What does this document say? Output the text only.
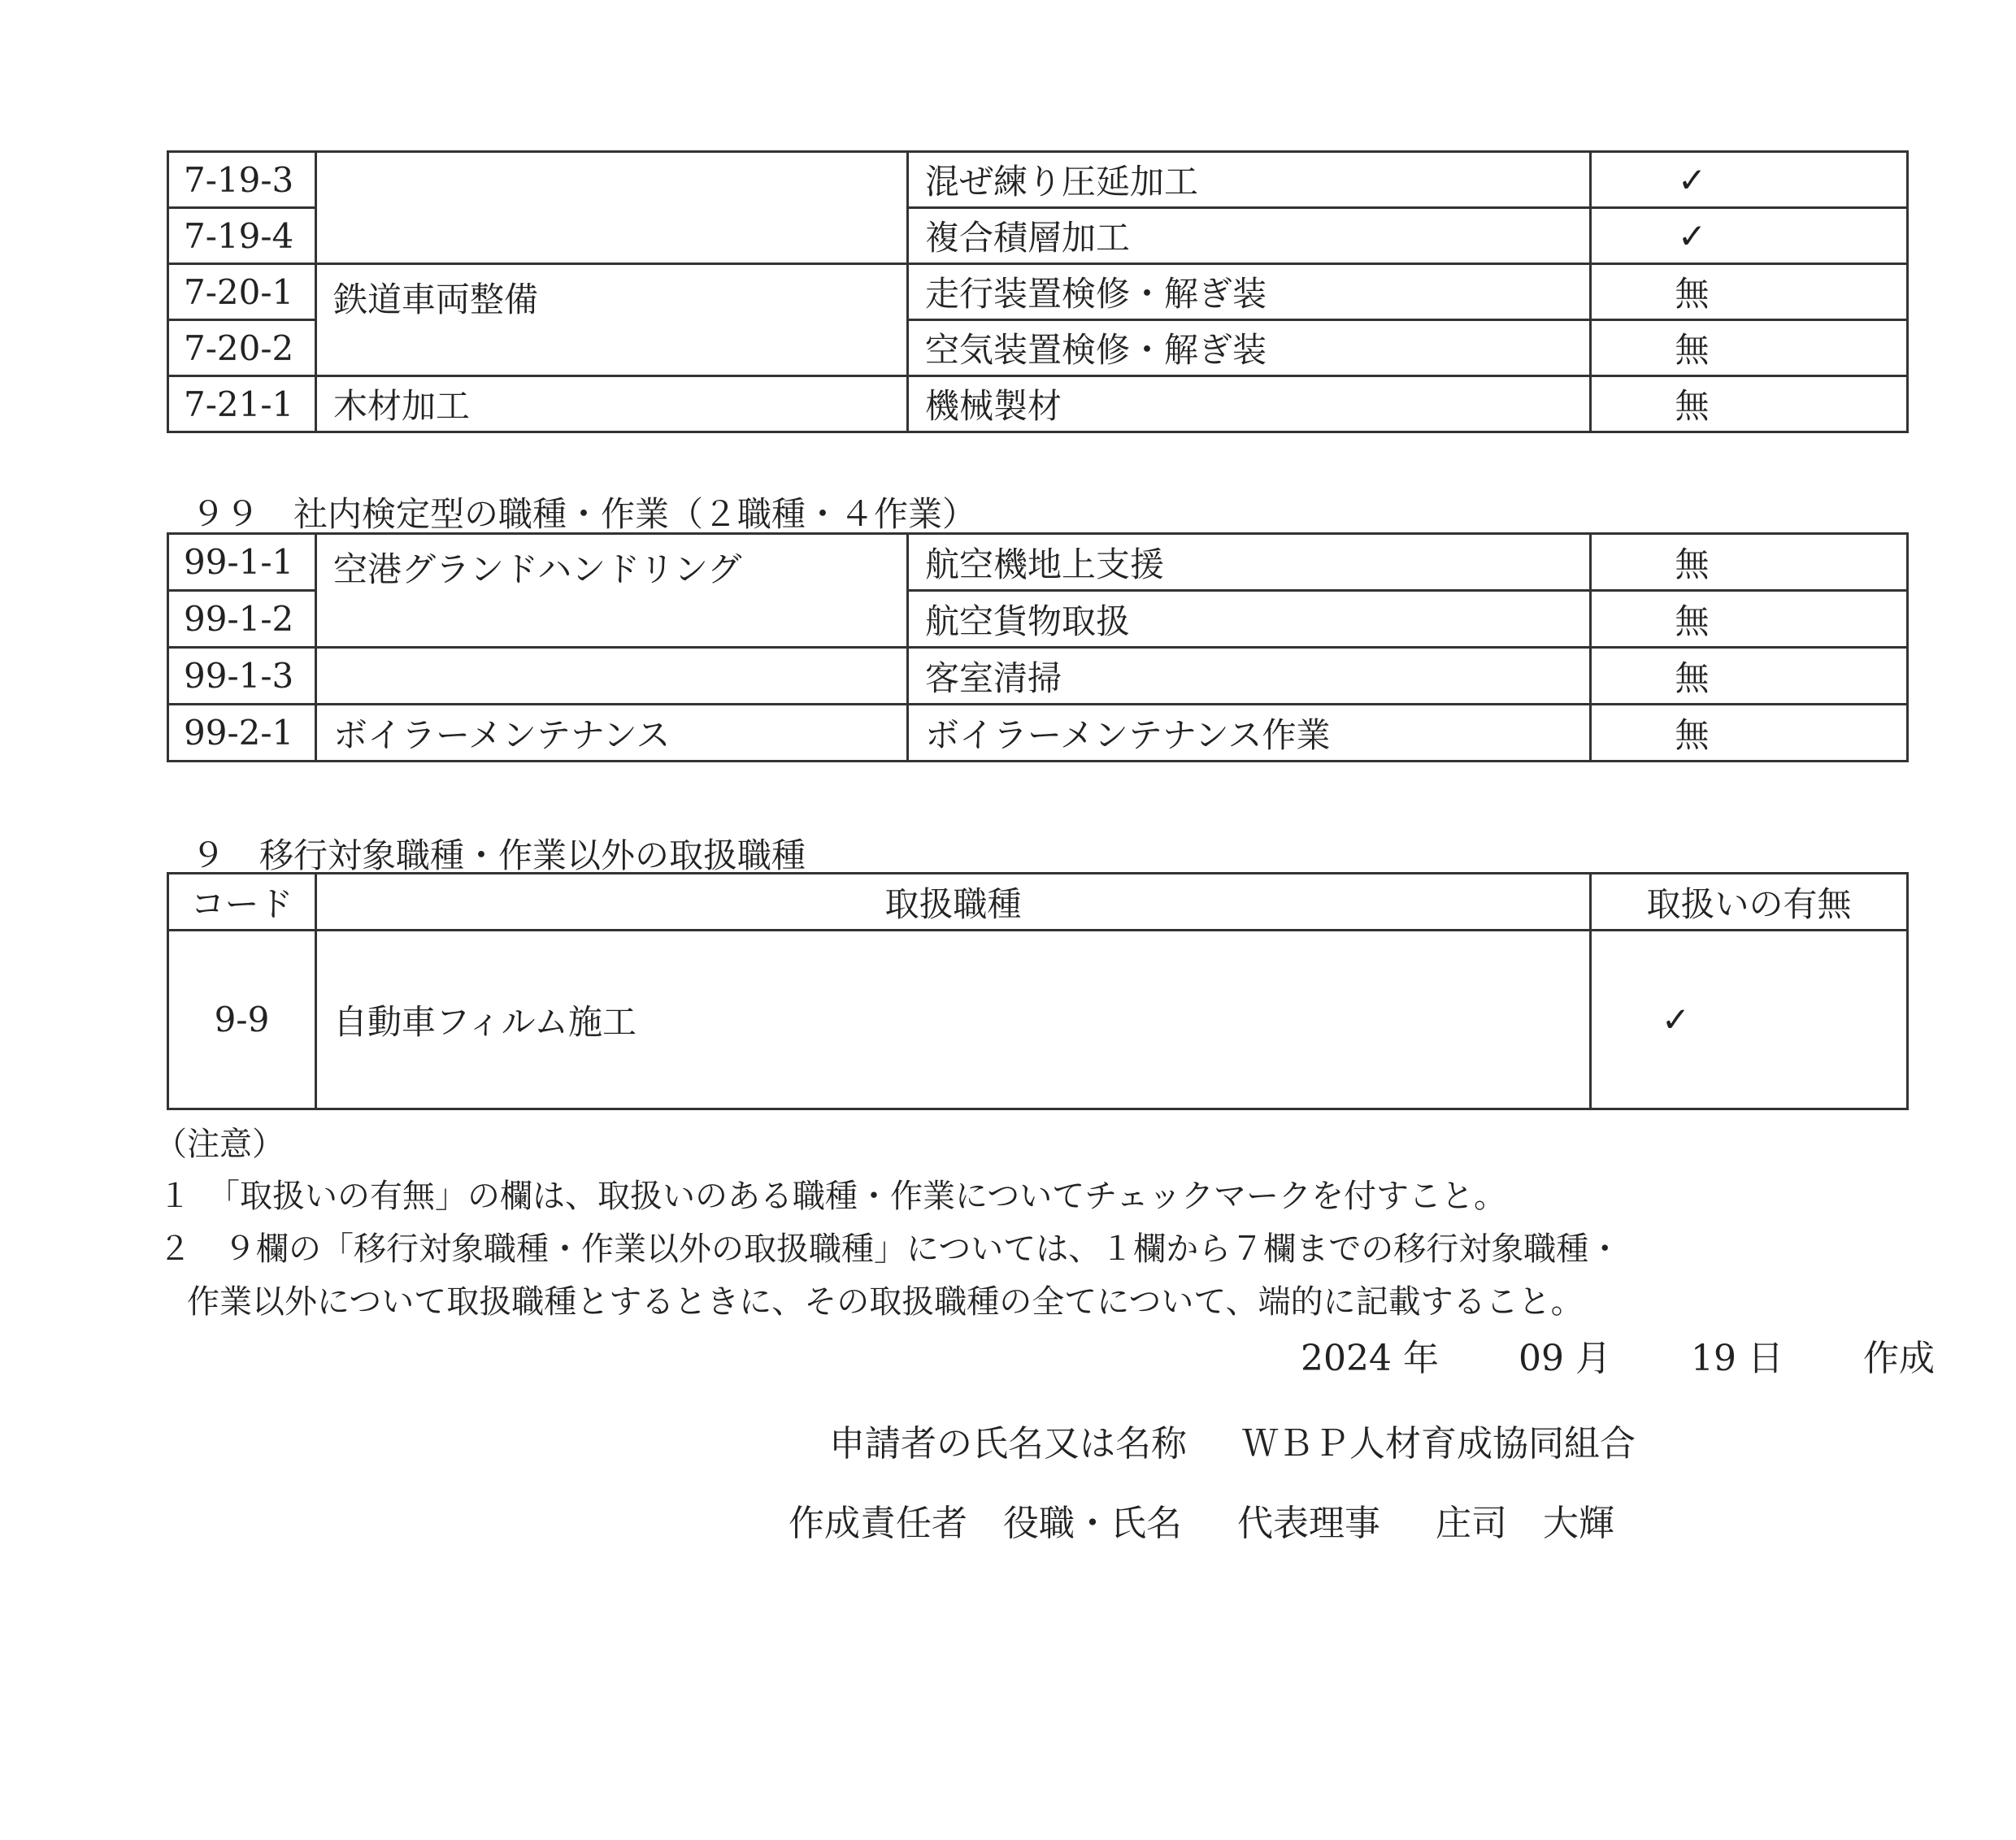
7-19-3		混ぜ練り圧延加工	✓
7-19-4		複合積層加工	✓
7-20-1	鉄道車両整備	走行装置検修・解ぎ装	無
7-20-2		空気装置検修・解ぎ装	無
7-21-1	木材加工	機械製材	無
９９　社内検定型の職種・作業（２職種・４作業）
99-1-1	空港グランドハンドリング	航空機地上支援	無
99-1-2		航空貨物取扱	無
99-1-3		客室清掃	無
99-2-1	ボイラーメンテナンス	ボイラーメンテナンス作業	無
９　移行対象職種・作業以外の取扱職種
コード	取扱職種	取扱いの有無
9-9	自動車フィルム施工	✓
（注意）
１　「取扱いの有無」の欄は、取扱いのある職種・作業についてチェックマークを付すこと。
２　９欄の「移行対象職種・作業以外の取扱職種」については、１欄から７欄までの移行対象職種・
作業以外について取扱職種とするときに、その取扱職種の全てについて、端的に記載すること。
2024 年 09 月 19 日 作成
申請者の氏名又は名称 ＷＢＰ人材育成協同組合
作成責任者　役職・氏名 代表理事 庄司　大輝
